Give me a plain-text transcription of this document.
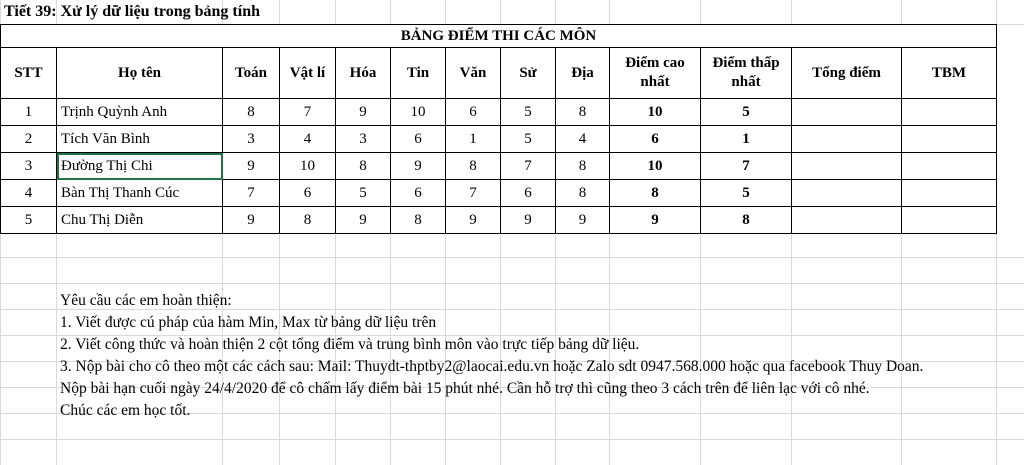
Tiết 39: Xử lý dữ liệu trong bảng tính
BẢNG ĐIỂM THI CÁC MÔN												
STT	Họ tên	Toán	Vật lí	Hóa	Tin	Văn	Sử	Địa	Điểm cao nhất	Điểm thấp nhất	Tổng điểm	TBM
1	Trịnh Quỳnh Anh	8	7	9	10	6	5	8	10	5		
2	Tích Văn Bình	3	4	3	6	1	5	4	6	1		
3	Đường Thị Chi	9	10	8	9	8	7	8	10	7		
4	Bàn Thị Thanh Cúc	7	6	5	6	7	6	8	8	5		
5	Chu Thị Diễn	9	8	9	8	9	9	9	9	8		
Yêu cầu các em hoàn thiện:
1. Viết được cú pháp của hàm Min, Max từ bảng dữ liệu trên
2. Viết công thức và hoàn thiện 2 cột tổng điểm và trung bình môn vào trực tiếp bảng dữ liệu.
3. Nộp bài cho cô theo một các cách sau: Mail: Thuydt-thptby2@laocai.edu.vn hoặc Zalo sdt 0947.568.000 hoặc qua facebook Thuy Doan.
Nộp bài hạn cuối ngày 24/4/2020 để cô chấm lấy điểm bài 15 phút nhé. Cần hỗ trợ thì cũng theo 3 cách trên để liên lạc với cô nhé.
Chúc các em học tốt.
